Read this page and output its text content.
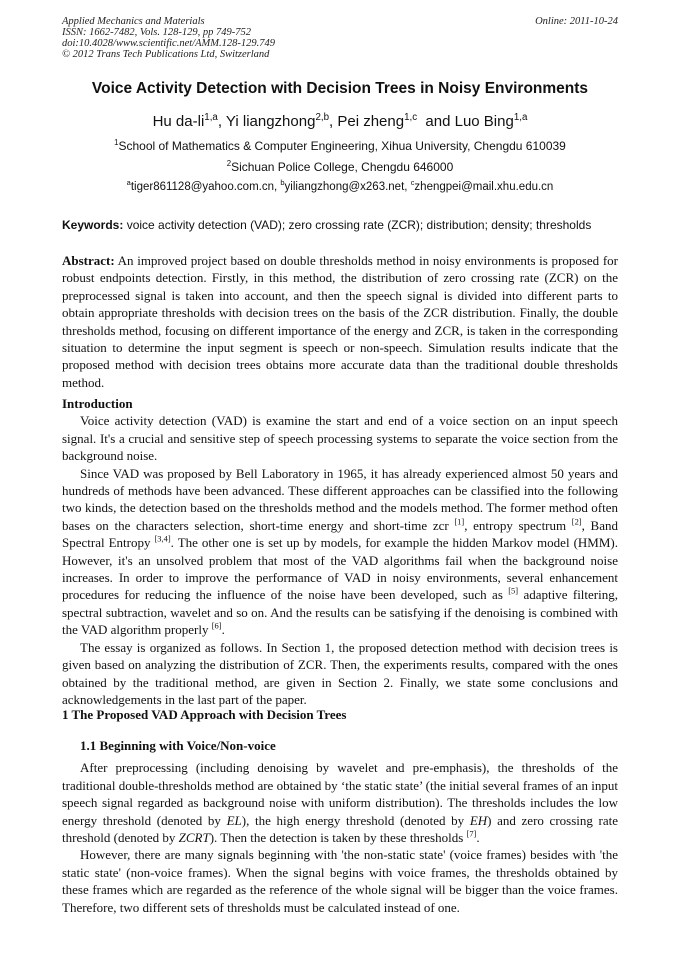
Applied Mechanics and Materials
ISSN: 1662-7482, Vols. 128-129, pp 749-752
doi:10.4028/www.scientific.net/AMM.128-129.749
© 2012 Trans Tech Publications Ltd, Switzerland
Online: 2011-10-24
Voice Activity Detection with Decision Trees in Noisy Environments
Hu da-li$^{1,a}$, Yi liangzhong$^{2,b}$, Pei zheng$^{1,c}$  and Luo Bing$^{1,a}$
$^1$School of Mathematics & Computer Engineering, Xihua University, Chengdu 610039
$^2$Sichuan Police College, Chengdu 646000
$^a$tiger861128@yahoo.com.cn, $^b$yiliangzhong@x263.net, $^c$zhengpei@mail.xhu.edu.cn
Keywords: voice activity detection (VAD); zero crossing rate (ZCR); distribution; density; thresholds

Abstract: An improved project based on double thresholds method in noisy environments is proposed for robust endpoints detection. Firstly, in this method, the distribution of zero crossing rate (ZCR) on the preprocessed signal is taken into account, and then the speech signal is divided into different parts to obtain appropriate thresholds with decision trees on the basis of the ZCR distribution. Finally, the double thresholds method, focusing on different importance of the energy and ZCR, is taken in the corresponding situation to determine the input segment is speech or non-speech. Simulation results indicate that the proposed method with decision trees obtains more accurate data than the traditional double thresholds method.

Introduction

Voice activity detection (VAD) is examine the start and end of a voice section on an input speech signal. It's a crucial and sensitive step of speech processing systems to separate the voice section from the background noise.

Since VAD was proposed by Bell Laboratory in 1965, it has already experienced almost 50 years and hundreds of methods have been advanced. These different approaches can be classified into the following two kinds, the detection based on the thresholds method and the models method. The former method often bases on the characters selection, short-time energy and short-time zcr [1], entropy spectrum [2], Band Spectral Entropy [3,4]. The other one is set up by models, for example the hidden Markov model (HMM). However, it's an unsolved problem that most of the VAD algorithms fail when the background noise increases. In order to improve the performance of VAD in noisy environments, several enhancement procedures for reducing the influence of the noise have been developed, such as [5] adaptive filtering, spectral subtraction, wavelet and so on. And the results can be satisfying if the denoising is combined with the VAD algorithm properly [6].

The essay is organized as follows. In Section 1, the proposed detection method with decision trees is given based on analyzing the distribution of ZCR. Then, the experiments results, compared with the ones obtained by the traditional method, are given in Section 2. Finally, we state some conclusions and acknowledgements in the last part of the paper.

1 The Proposed VAD Approach with Decision Trees

1.1 Beginning with Voice/Non-voice

After preprocessing (including denoising by wavelet and pre-emphasis), the thresholds of the traditional double-thresholds method are obtained by ‘the static state’ (the initial several frames of an input speech signal regarded as background noise with uniform distribution). The thresholds includes the low energy threshold (denoted by EL), the high energy threshold (denoted by EH) and zero crossing rate threshold (denoted by ZCRT). Then the detection is taken by these thresholds [7].

However, there are many signals beginning with 'the non-static state' (voice frames) besides with 'the static state' (non-voice frames). When the signal begins with voice frames, the thresholds obtained by these frames which are regarded as the reference of the whole signal will be bigger than the voice frames. Therefore, two different sets of thresholds must be calculated instead of one.
